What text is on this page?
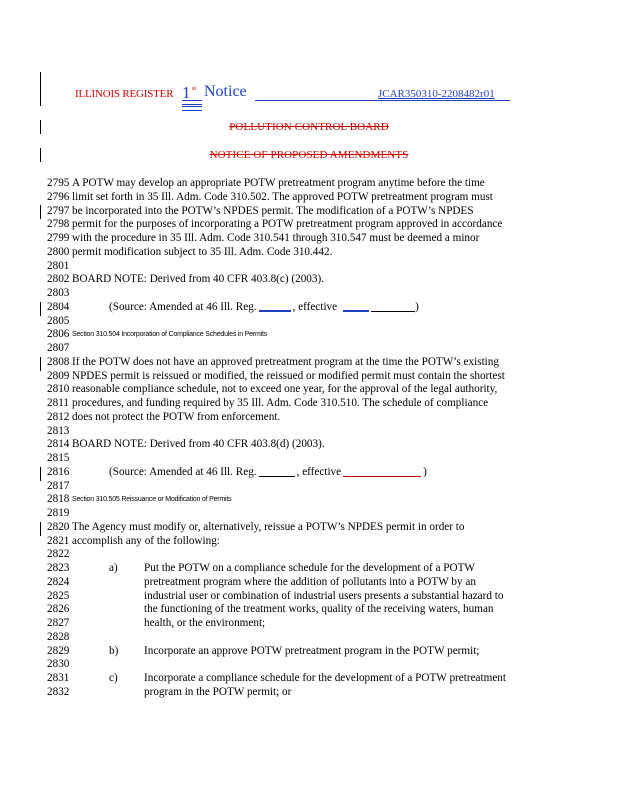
ILLINOIS REGISTER 1 st Notice	JCAR350310-2208482r01
POLLUTION CONTROL BOARD
NOTICE OF PROPOSED AMENDMENTS
2795 A POTW may develop an appropriate POTW pretreatment program anytime before the time
2796 limit set forth in 35 Ill. Adm. Code 310.502. The approved POTW pretreatment program must
2797 be incorporated into the POTW’s NPDES permit. The modification of a POTW’s NPDES
2798 permit for the purposes of incorporating a POTW pretreatment program approved in accordance
2799 with the procedure in 35 Ill. Adm. Code 310.541 through 310.547 must be deemed a minor
2800 permit modification subject to 35 Ill. Adm. Code 310.442.
2801
2802 BOARD NOTE: Derived from 40 CFR 403.8(c) (2003).
2803
2804	(Source: Amended at 46 Ill. Reg.	, effective	)
2805
2806 Section 310.504 Incorporation of Compliance Schedules in Permits
2807
2808 If the POTW does not have an approved pretreatment program at the time the POTW’s existing
2809 NPDES permit is reissued or modified, the reissued or modified permit must contain the shortest
2810 reasonable compliance schedule, not to exceed one year, for the approval of the legal authority,
2811 procedures, and funding required by 35 Ill. Adm. Code 310.510. The schedule of compliance
2812 does not protect the POTW from enforcement.
2813
2814 BOARD NOTE: Derived from 40 CFR 403.8(d) (2003).
2815
2816	(Source: Amended at 46 Ill. Reg.	, effective	)
2817
2818 Section 310.505 Reissuance or Modification of Permits
2819
2820 The Agency must modify or, alternatively, reissue a POTW’s NPDES permit in order to
2821 accomplish any of the following:
2822
2823	a) Put the POTW on a compliance schedule for the development of a POTW
2824	pretreatment program where the addition of pollutants into a POTW by an
2825	industrial user or combination of industrial users presents a substantial hazard to
2826	the functioning of the treatment works, quality of the receiving waters, human
2827	health, or the environment;
2828
2829	b) Incorporate an approve POTW pretreatment program in the POTW permit;
2830
2831	c) Incorporate a compliance schedule for the development of a POTW pretreatment
2832	program in the POTW permit; or
